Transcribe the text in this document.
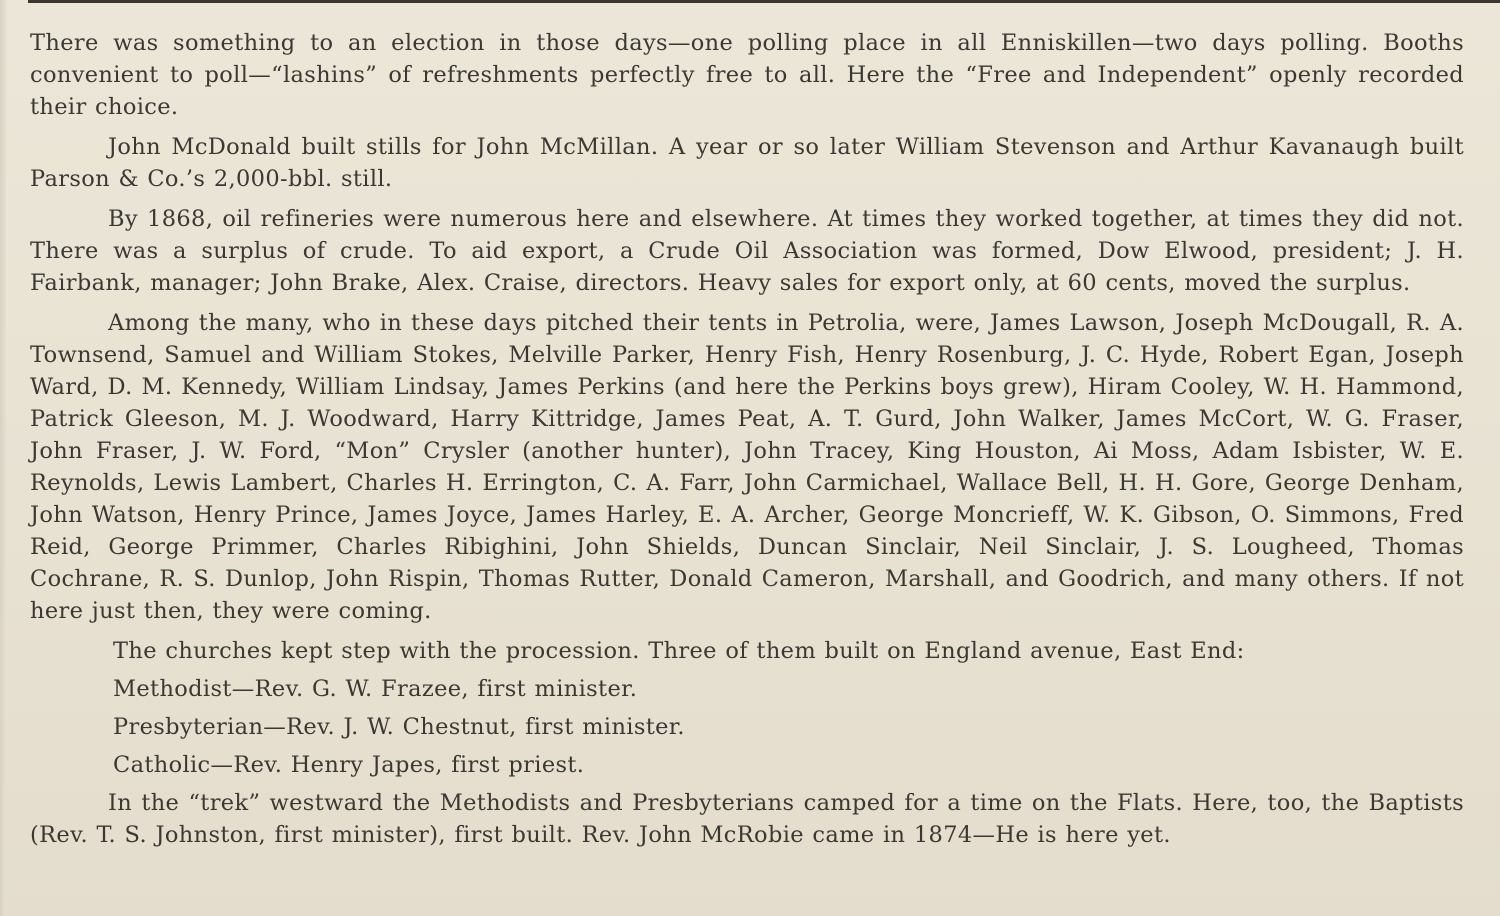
There was something to an election in those days—one polling place in all Enniskillen—two days polling. Booths convenient to poll—“lashins” of refreshments perfectly free to all. Here the “Free and Independent” openly recorded their choice.

John McDonald built stills for John McMillan. A year or so later William Stevenson and Arthur Kavanaugh built Parson & Co.’s 2,000-bbl. still.

By 1868, oil refineries were numerous here and elsewhere. At times they worked together, at times they did not. There was a surplus of crude. To aid export, a Crude Oil Association was formed, Dow Elwood, president; J. H. Fairbank, manager; John Brake, Alex. Craise, directors. Heavy sales for export only, at 60 cents, moved the surplus.

Among the many, who in these days pitched their tents in Petrolia, were, James Lawson, Joseph McDougall, R. A. Townsend, Samuel and William Stokes, Melville Parker, Henry Fish, Henry Rosenburg, J. C. Hyde, Robert Egan, Joseph Ward, D. M. Kennedy, William Lindsay, James Perkins (and here the Perkins boys grew), Hiram Cooley, W. H. Hammond, Patrick Gleeson, M. J. Woodward, Harry Kittridge, James Peat, A. T. Gurd, John Walker, James McCort, W. G. Fraser, John Fraser, J. W. Ford, “Mon” Crysler (another hunter), John Tracey, King Houston, Ai Moss, Adam Isbister, W. E. Reynolds, Lewis Lambert, Charles H. Errington, C. A. Farr, John Carmichael, Wallace Bell, H. H. Gore, George Denham, John Watson, Henry Prince, James Joyce, James Harley, E. A. Archer, George Moncrieff, W. K. Gibson, O. Simmons, Fred Reid, George Primmer, Charles Ribighini, John Shields, Duncan Sinclair, Neil Sinclair, J. S. Lougheed, Thomas Cochrane, R. S. Dunlop, John Rispin, Thomas Rutter, Donald Cameron, Marshall, and Goodrich, and many others. If not here just then, they were coming.

The churches kept step with the procession. Three of them built on England avenue, East End:

Methodist—Rev. G. W. Frazee, first minister.

Presbyterian—Rev. J. W. Chestnut, first minister.

Catholic—Rev. Henry Japes, first priest.

In the “trek” westward the Methodists and Presbyterians camped for a time on the Flats. Here, too, the Baptists (Rev. T. S. Johnston, first minister), first built. Rev. John McRobie came in 1874—He is here yet.
